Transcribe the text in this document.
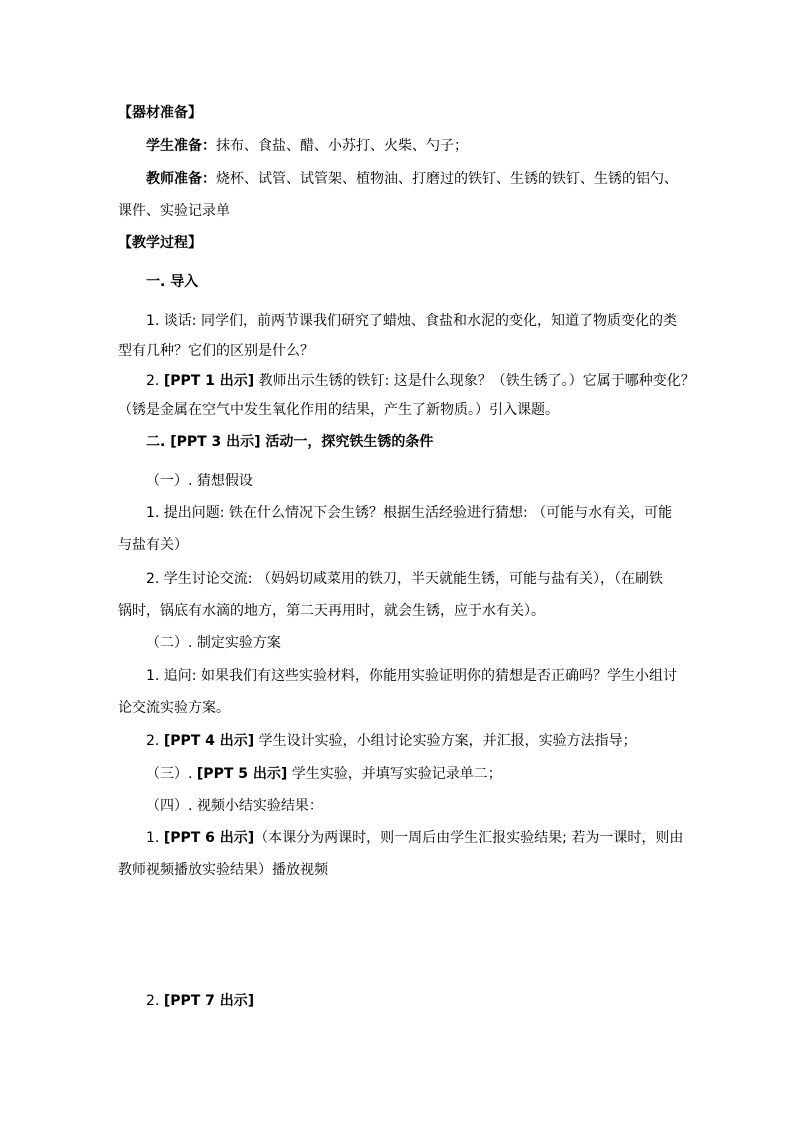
【器材准备】
学生准备：抹布、食盐、醋、小苏打、火柴、勺子；
教师准备：烧杯、试管、试管架、植物油、打磨过的铁钉、生锈的铁钉、生锈的铝勺、
课件、实验记录单
【教学过程】
一. 导入
1. 谈话: 同学们，前两节课我们研究了蜡烛、食盐和水泥的变化，知道了物质变化的类
型有几种？它们的区别是什么？
2. [PPT 1 出示] 教师出示生锈的铁钉: 这是什么现象？（铁生锈了。）它属于哪种变化？
（锈是金属在空气中发生氧化作用的结果，产生了新物质。）引入课题。
二. [PPT 3 出示] 活动一，探究铁生锈的条件
（一）. 猜想假设
1. 提出问题: 铁在什么情况下会生锈？根据生活经验进行猜想: （可能与水有关，可能
与盐有关）
2. 学生讨论交流: （妈妈切咸菜用的铁刀，半天就能生锈，可能与盐有关），（在刷铁
锅时，锅底有水滴的地方，第二天再用时，就会生锈，应于水有关）。
（二）. 制定实验方案
1. 追问: 如果我们有这些实验材料，你能用实验证明你的猜想是否正确吗？学生小组讨
论交流实验方案。
2. [PPT 4 出示] 学生设计实验，小组讨论实验方案，并汇报，实验方法指导；
（三）. [PPT 5 出示] 学生实验，并填写实验记录单二；
（四）. 视频小结实验结果：
1. [PPT 6 出示]（本课分为两课时，则一周后由学生汇报实验结果; 若为一课时，则由
教师视频播放实验结果）播放视频
2. [PPT 7 出示]
